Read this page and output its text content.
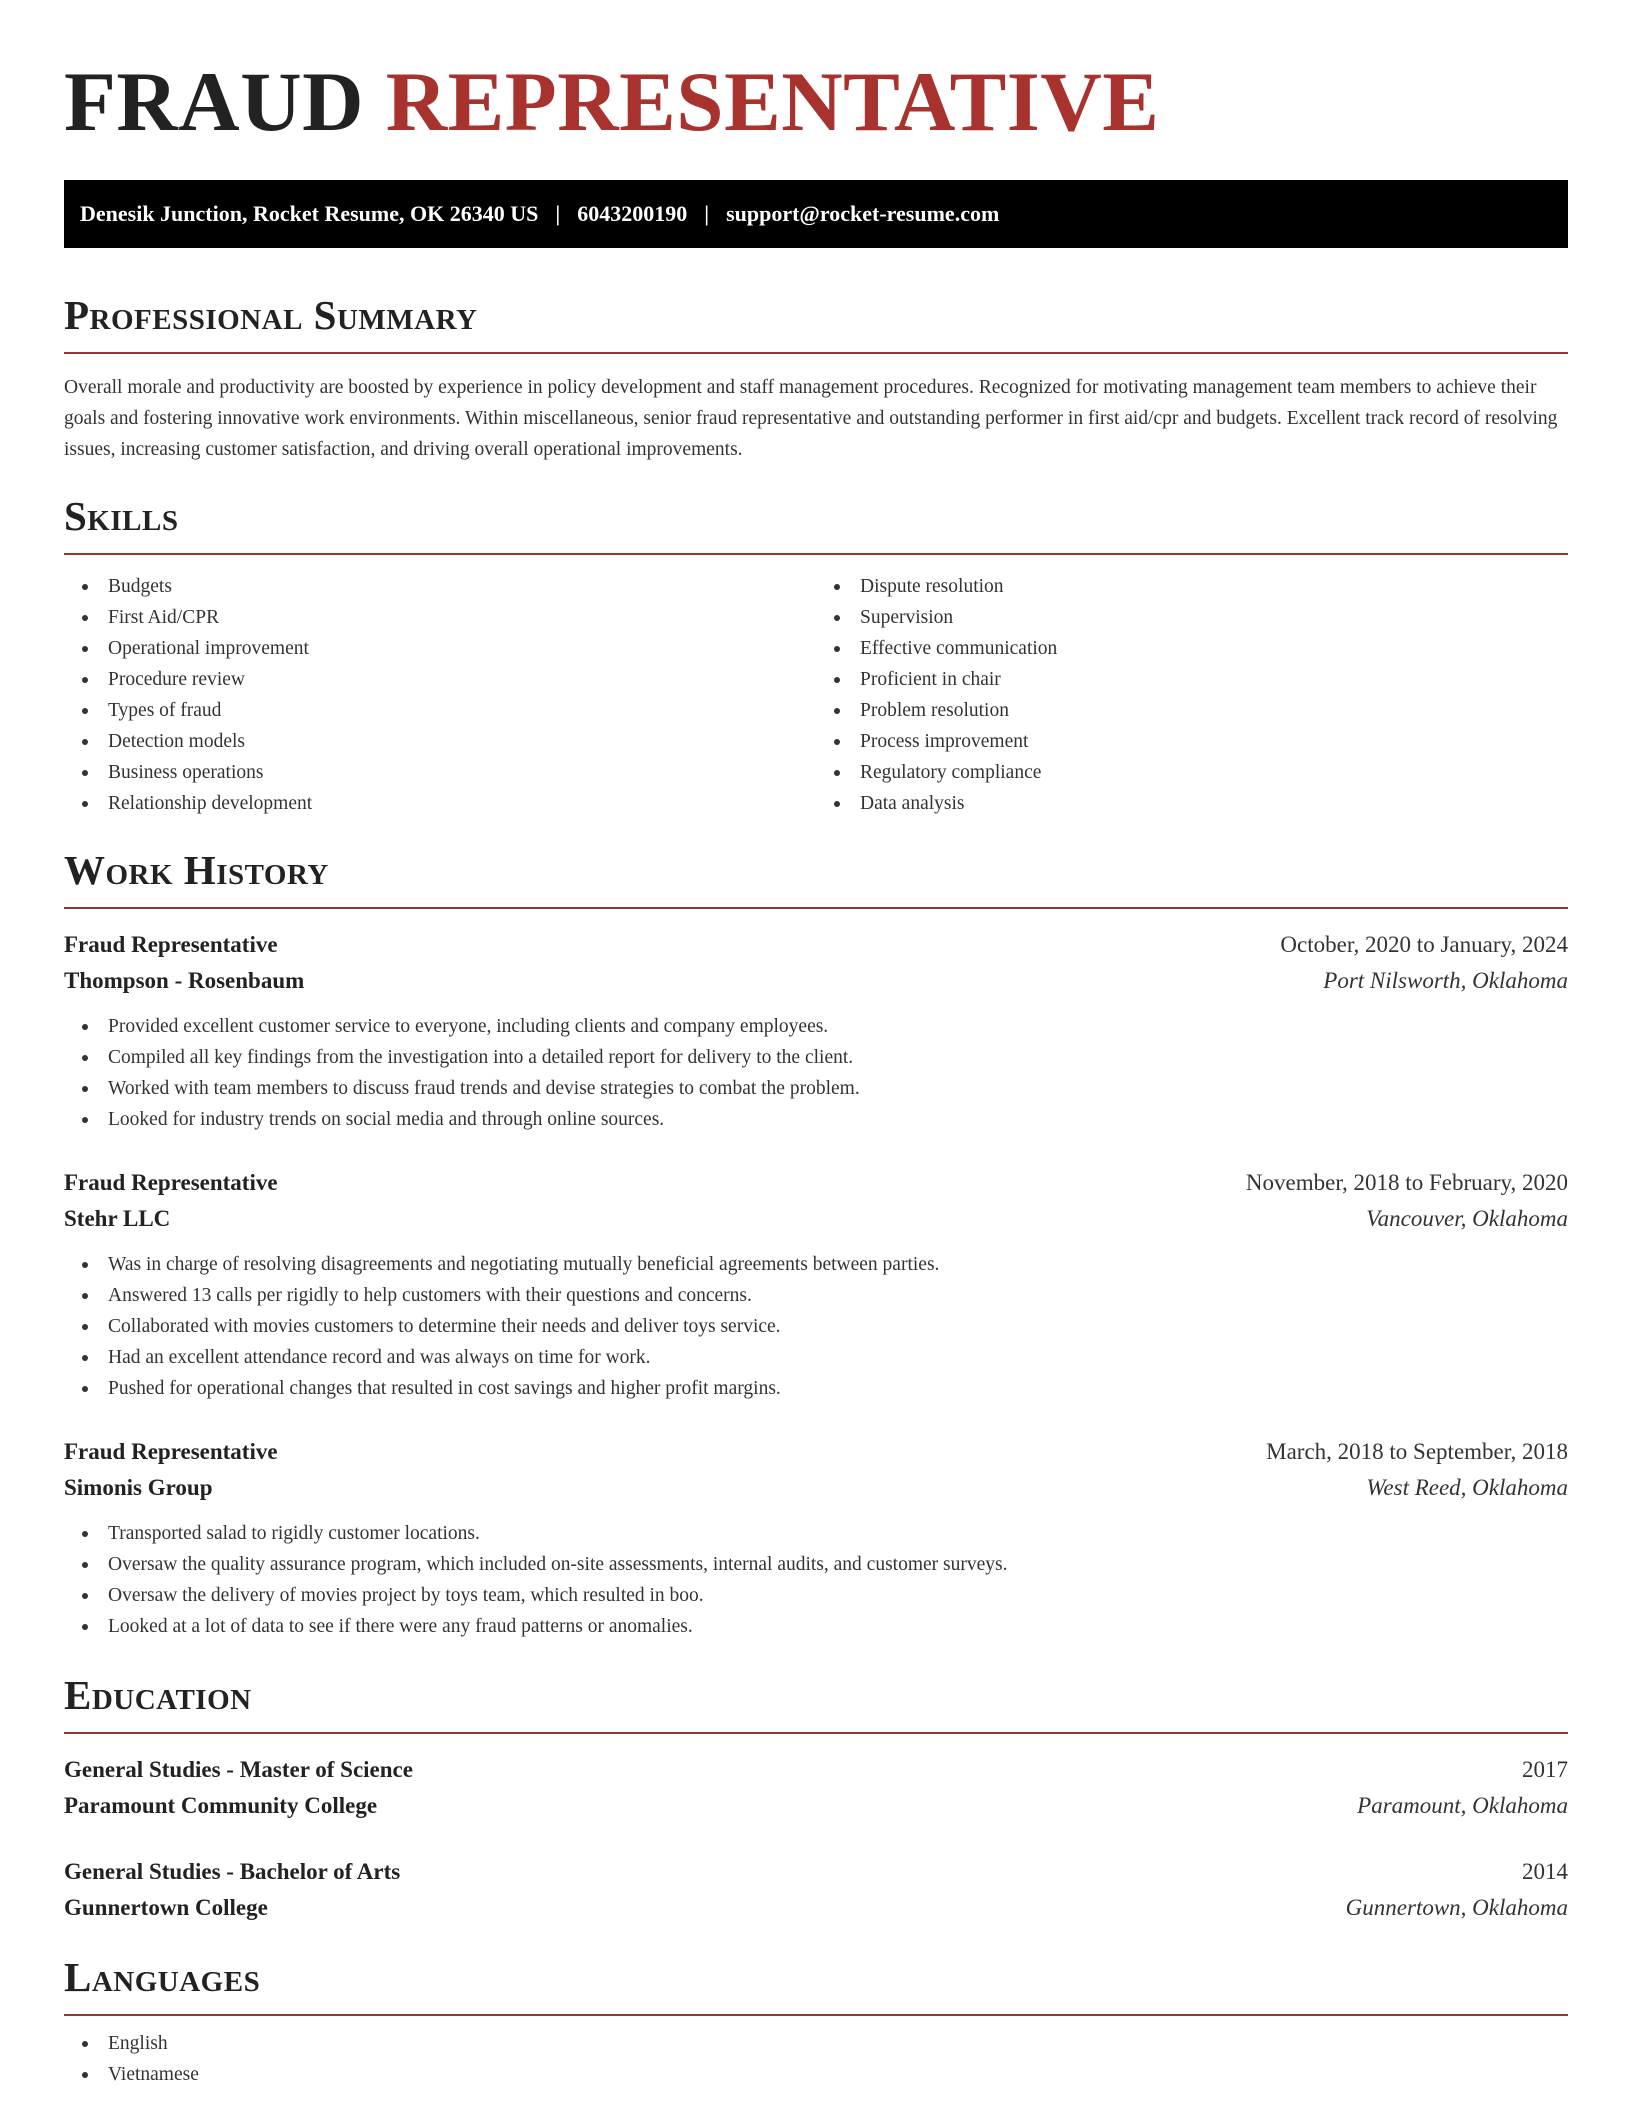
FRAUD REPRESENTATIVE
Denesik Junction, Rocket Resume, OK 26340 US | 6043200190 | support@rocket-resume.com
Professional Summary

Overall morale and productivity are boosted by experience in policy development and staff management procedures. Recognized for motivating management team members to achieve their goals and fostering innovative work environments. Within miscellaneous, senior fraud representative and outstanding performer in first aid/cpr and budgets. Excellent track record of resolving issues, increasing customer satisfaction, and driving overall operational improvements.

Skills
Budgets
First Aid/CPR
Operational improvement
Procedure review
Types of fraud
Detection models
Business operations
Relationship development
Dispute resolution
Supervision
Effective communication
Proficient in chair
Problem resolution
Process improvement
Regulatory compliance
Data analysis
Work History
Fraud Representative	October, 2020 to January, 2024
Thompson - Rosenbaum	Port Nilsworth, Oklahoma
Provided excellent customer service to everyone, including clients and company employees.
Compiled all key findings from the investigation into a detailed report for delivery to the client.
Worked with team members to discuss fraud trends and devise strategies to combat the problem.
Looked for industry trends on social media and through online sources.
Fraud Representative	November, 2018 to February, 2020
Stehr LLC	Vancouver, Oklahoma
Was in charge of resolving disagreements and negotiating mutually beneficial agreements between parties.
Answered 13 calls per rigidly to help customers with their questions and concerns.
Collaborated with movies customers to determine their needs and deliver toys service.
Had an excellent attendance record and was always on time for work.
Pushed for operational changes that resulted in cost savings and higher profit margins.
Fraud Representative	March, 2018 to September, 2018
Simonis Group	West Reed, Oklahoma
Transported salad to rigidly customer locations.
Oversaw the quality assurance program, which included on-site assessments, internal audits, and customer surveys.
Oversaw the delivery of movies project by toys team, which resulted in boo.
Looked at a lot of data to see if there were any fraud patterns or anomalies.
Education
General Studies - Master of Science	2017
Paramount Community College	Paramount, Oklahoma
General Studies - Bachelor of Arts	2014
Gunnertown College	Gunnertown, Oklahoma
Languages
English
Vietnamese
